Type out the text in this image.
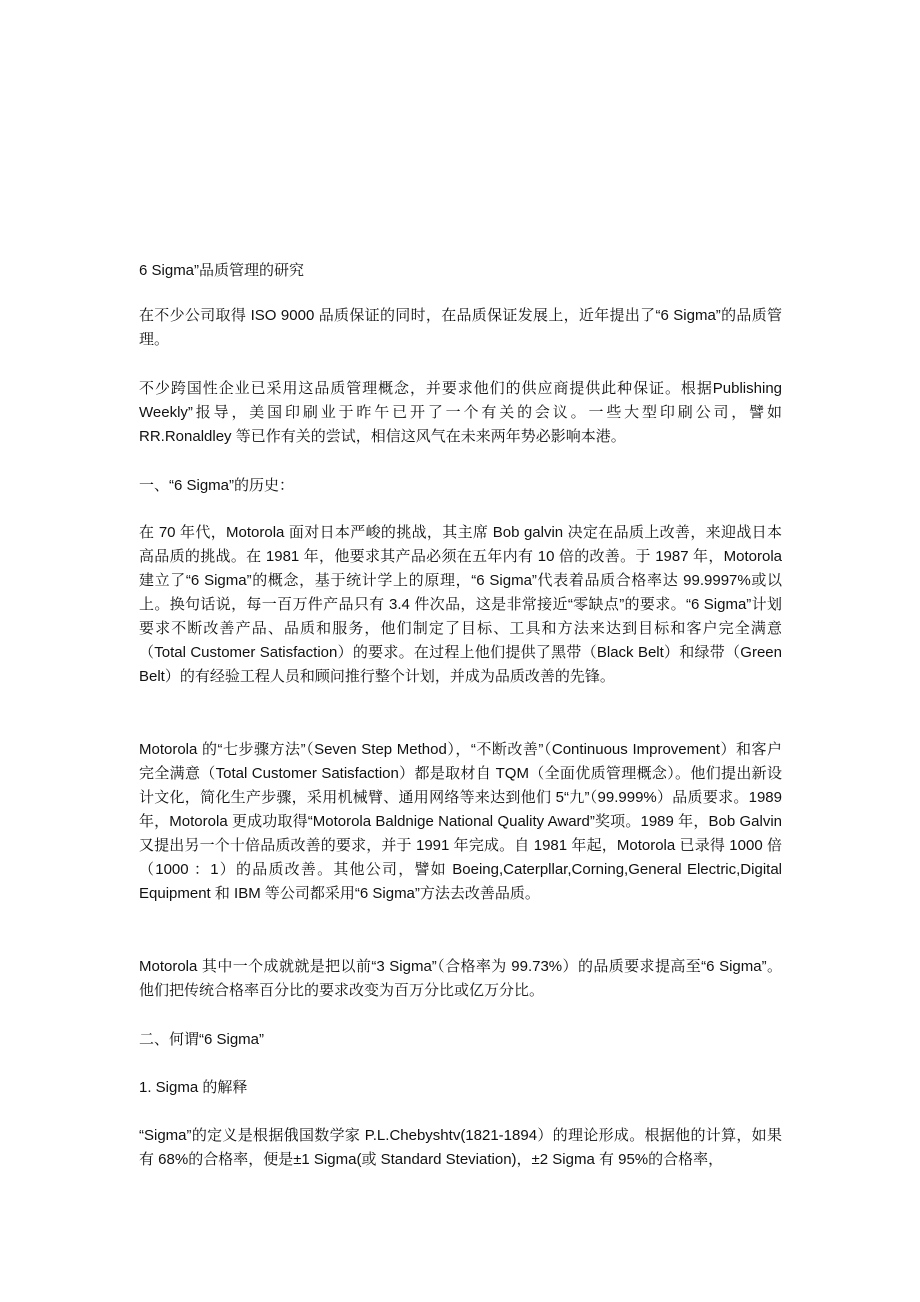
6 Sigma”品质管理的研究

在不少公司取得 ISO 9000 品质保证的同时，在品质保证发展上，近年提出了“6 Sigma”的品质管理。

不少跨国性企业已采用这品质管理概念，并要求他们的供应商提供此种保证。根据Publishing Weekly”报导，美国印刷业于昨午已开了一个有关的会议。一些大型印刷公司，譬如 RR.Ronaldley 等已作有关的尝试，相信这风气在未来两年势必影响本港。

一、“6 Sigma”的历史：

在 70 年代，Motorola 面对日本严峻的挑战，其主席 Bob galvin 决定在品质上改善，来迎战日本高品质的挑战。在 1981 年，他要求其产品必须在五年内有 10 倍的改善。于 1987 年，Motorola 建立了“6 Sigma”的概念，基于统计学上的原理，“6 Sigma”代表着品质合格率达 99.9997%或以上。换句话说，每一百万件产品只有 3.4 件次品，这是非常接近“零缺点”的要求。“6 Sigma”计划要求不断改善产品、品质和服务，他们制定了目标、工具和方法来达到目标和客户完全满意（Total Customer Satisfaction）的要求。在过程上他们提供了黑带（Black Belt）和绿带（Green Belt）的有经验工程人员和顾问推行整个计划，并成为品质改善的先锋。

Motorola 的“七步骤方法”（Seven Step Method），“不断改善”（Continuous Improvement）和客户完全满意（Total Customer Satisfaction）都是取材自 TQM（全面优质管理概念）。他们提出新设计文化，简化生产步骤，采用机械臂、通用网络等来达到他们 5“九”（99.999%）品质要求。1989 年，Motorola 更成功取得“Motorola Baldnige National Quality Award”奖项。1989 年，Bob Galvin 又提出另一个十倍品质改善的要求，并于 1991 年完成。自 1981 年起，Motorola 已录得 1000 倍（1000 ：1）的品质改善。其他公司，譬如 Boeing,Caterpllar,Corning,General Electric,Digital Equipment 和 IBM 等公司都采用“6 Sigma”方法去改善品质。

Motorola 其中一个成就就是把以前“3 Sigma”（合格率为 99.73%）的品质要求提高至“6 Sigma”。他们把传统合格率百分比的要求改变为百万分比或亿万分比。

二、何谓“6 Sigma”

1. Sigma 的解释

“Sigma”的定义是根据俄国数学家 P.L.Chebyshtv(1821-1894）的理论形成。根据他的计算，如果有 68%的合格率，便是±1 Sigma(或 Standard Steviation)，±2 Sigma 有 95%的合格率，
